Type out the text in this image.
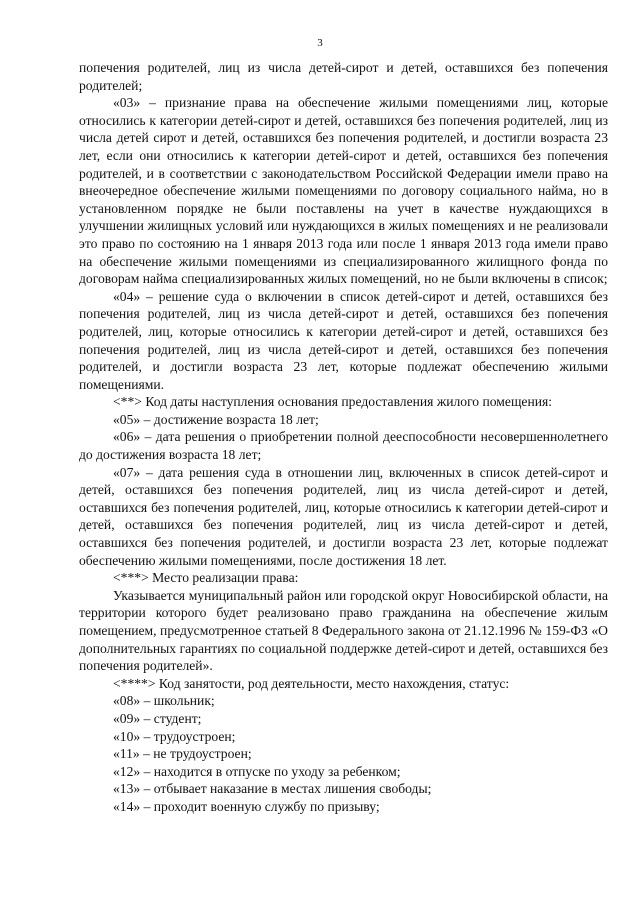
3

попечения родителей, лиц из числа детей-сирот и детей, оставшихся без попечения родителей;

«03» – признание права на обеспечение жилыми помещениями лиц, которые относились к категории детей-сирот и детей, оставшихся без попечения родителей, лиц из числа детей сирот и детей, оставшихся без попечения родителей, и достигли возраста 23 лет, если они относились к категории детей-сирот и детей, оставшихся без попечения родителей, и в соответствии с законодательством Российской Федерации имели право на внеочередное обеспечение жилыми помещениями по договору социального найма, но в установленном порядке не были поставлены на учет в качестве нуждающихся в улучшении жилищных условий или нуждающихся в жилых помещениях и не реализовали это право по состоянию на 1 января 2013 года или после 1 января 2013 года имели право на обеспечение жилыми помещениями из специализированного жилищного фонда по договорам найма специализированных жилых помещений, но не были включены в список;

«04» – решение суда о включении в список детей-сирот и детей, оставшихся без попечения родителей, лиц из числа детей-сирот и детей, оставшихся без попечения родителей, лиц, которые относились к категории детей-сирот и детей, оставшихся без попечения родителей, лиц из числа детей-сирот и детей, оставшихся без попечения родителей, и достигли возраста 23 лет, которые подлежат обеспечению жилыми помещениями.

<**> Код даты наступления основания предоставления жилого помещения:

«05» – достижение возраста 18 лет;

«06» – дата решения о приобретении полной дееспособности несовершеннолетнего до достижения возраста 18 лет;

«07» – дата решения суда в отношении лиц, включенных в список детей-сирот и детей, оставшихся без попечения родителей, лиц из числа детей-сирот и детей, оставшихся без попечения родителей, лиц, которые относились к категории детей-сирот и детей, оставшихся без попечения родителей, лиц из числа детей-сирот и детей, оставшихся без попечения родителей, и достигли возраста 23 лет, которые подлежат обеспечению жилыми помещениями, после достижения 18 лет.

<***> Место реализации права:

Указывается муниципальный район или городской округ Новосибирской области, на территории которого будет реализовано право гражданина на обеспечение жилым помещением, предусмотренное статьей 8 Федерального закона от 21.12.1996 № 159-ФЗ «О дополнительных гарантиях по социальной поддержке детей-сирот и детей, оставшихся без попечения родителей».

<****> Код занятости, род деятельности, место нахождения, статус:

«08» – школьник;

«09» – студент;

«10» – трудоустроен;

«11» – не трудоустроен;

«12» – находится в отпуске по уходу за ребенком;

«13» – отбывает наказание в местах лишения свободы;

«14» – проходит военную службу по призыву;
